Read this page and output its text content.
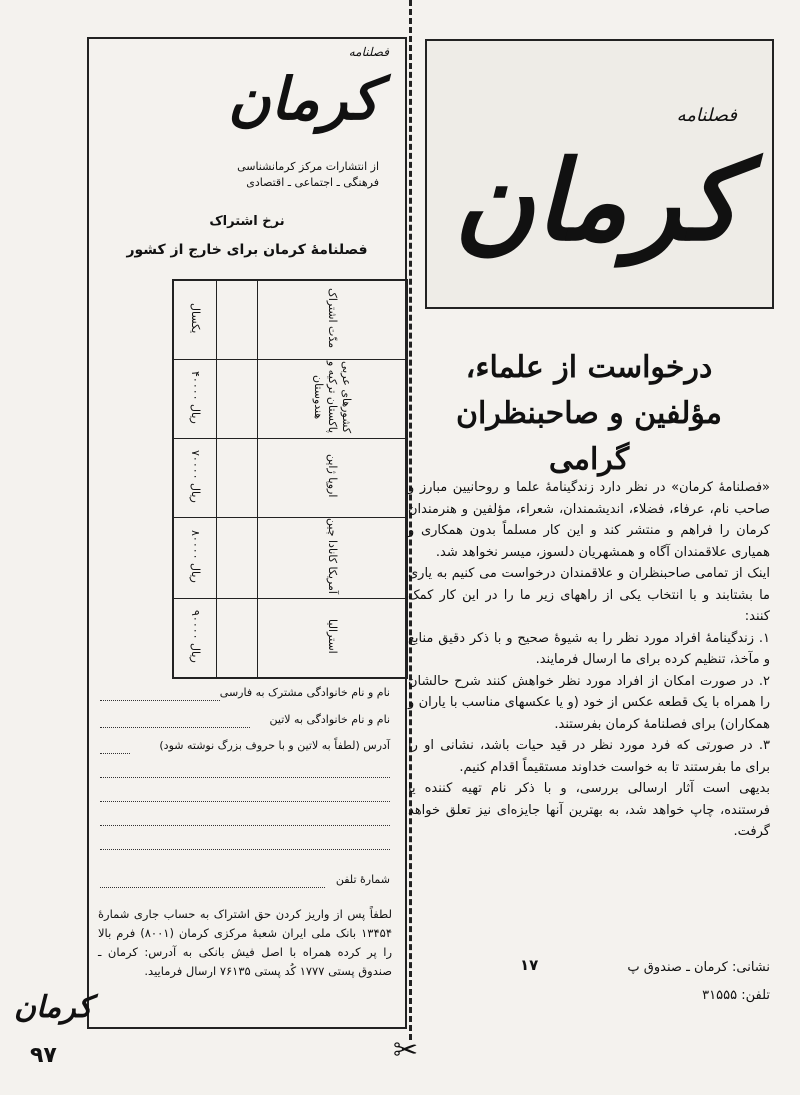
✂
فصلنامه
کرمان
از انتشارات مرکز کرمانشناسی
فرهنگی ـ اجتماعی ـ اقتصادی
نرخ اشتراک
فصلنامهٔ کرمان برای خارج از کشور
یکسال		مدّت اشتراک
۴۰۰۰۰ ریال		کشورهای عربی پاکستان ترکیه و هندوستان
۷۰۰۰۰ ریال		اروپا ژاپن
۸۰۰۰۰ ریال		آمریکا کانادا چین
۹۰۰۰۰ ریال		استرالیا
نام و نام خانوادگی مشترک به فارسی
نام و نام خانوادگی به لاتین
آدرس (لطفاً به لاتین و با حروف بزرگ نوشته شود)
شمارهٔ تلفن
لطفاً پس از واریز کردن حق اشتراک به حساب جاری شمارهٔ ۱۳۴۵۴ بانک ملی ایران شعبهٔ مرکزی کرمان (۸۰۰۱) فرم بالا را پر کرده همراه با اصل فیش بانکی به آدرس: کرمان ـ صندوق پستی ۱۷۷۷ کُد پستی ۷۶۱۳۵ ارسال فرمایید.
کرمان
۹۷
فصلنامه
کرمان
درخواست از علماء،
مؤلفین و صاحبنظران
گرامی

«فصلنامهٔ کرمان» در نظر دارد زندگینامهٔ علما و روحانیین مبارز و صاحب نام، عرفاء، فضلاء، اندیشمندان، شعراء، مؤلفین و هنرمندان کرمان را فراهم و منتشر کند و این کار مسلماً بدون همکاری و همیاری علاقمندان آگاه و همشهریان دلسوز، میسر نخواهد شد.

اینک از تمامی صاحبنظران و علاقمندان درخواست می کنیم به یاری ما بشتابند و با انتخاب یکی از راههای زیر ما را در این کار کمک کنند:

۱. زندگینامهٔ افراد مورد نظر را به شیوهٔ صحیح و با ذکر دقیق منابع و مآخذ، تنظیم کرده برای ما ارسال فرمایند.

۲. در صورت امکان از افراد مورد نظر خواهش کنند شرح حالشان را همراه با یک قطعه عکس از خود (و یا عکسهای مناسب با یاران و همکاران) برای فصلنامهٔ کرمان بفرستند.

۳. در صورتی که فرد مورد نظر در قید حیات باشد، نشانی او را برای ما بفرستند تا به خواست خداوند مستقیماً اقدام کنیم.

بدیهی است آثار ارسالی بررسی، و با ذکر نام تهیه کننده یا فرستنده، چاپ خواهد شد، به بهترین آنها جایزه‌ای نیز تعلق خواهد گرفت.

نشانی: کرمان ـ صندوق پ
۱۷
تلفن: ۳۱۵۵۵
